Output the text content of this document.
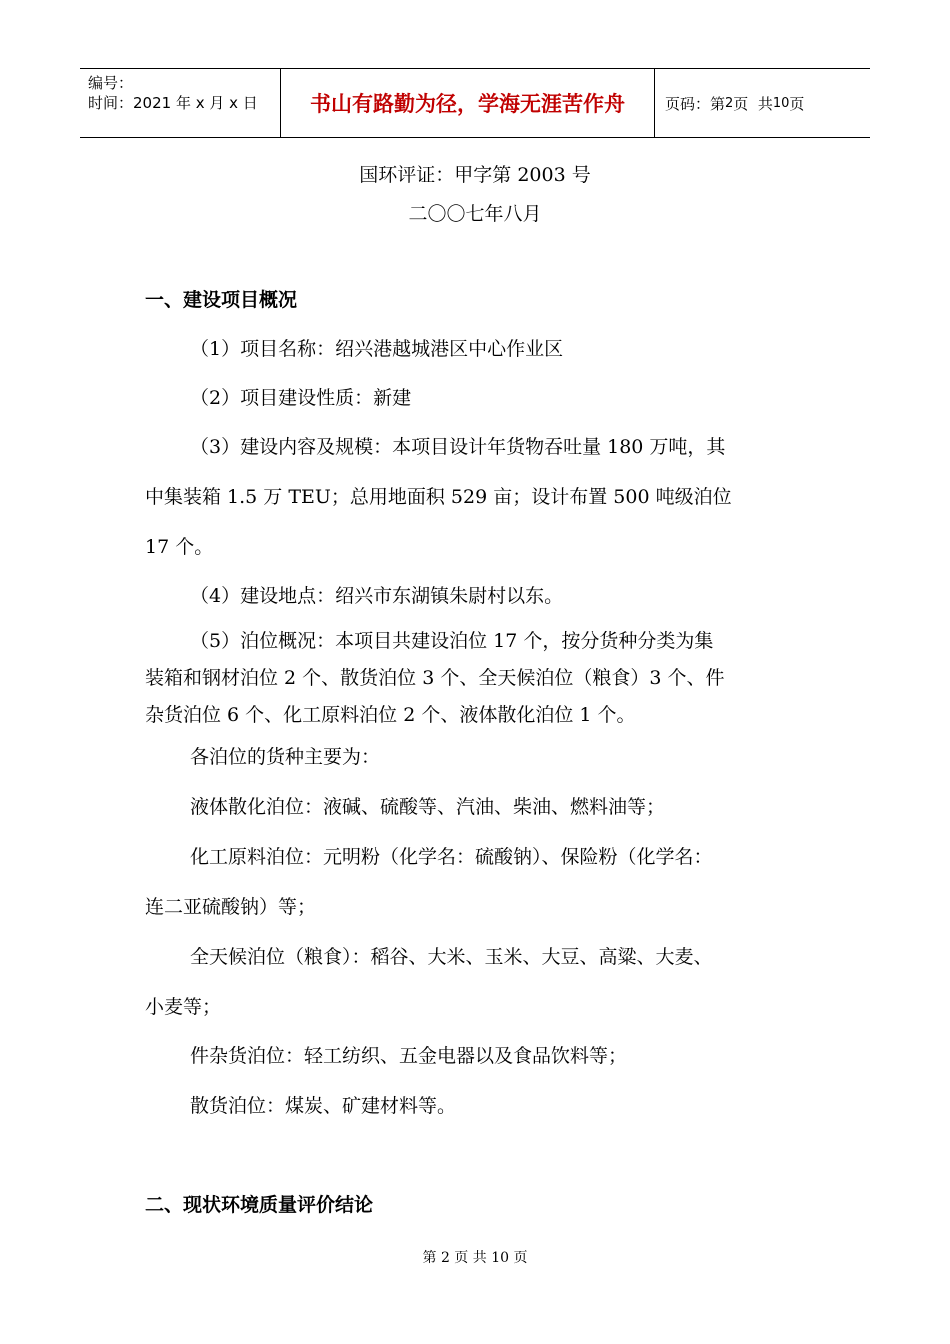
编号：
时间：2021 年 x 月 x 日	书山有路勤为径，学海无涯苦作舟	页码：第 2 页  共 10 页
国环评证：甲字第 2003 号
二〇〇七年八月
一、建设项目概况
（1）项目名称：绍兴港越城港区中心作业区
（2）项目建设性质：新建
（3）建设内容及规模：本项目设计年货物吞吐量 180 万吨，其
中集装箱 1.5 万 TEU；总用地面积 529 亩；设计布置 500 吨级泊位
17 个。
（4）建设地点：绍兴市东湖镇朱尉村以东。
（5）泊位概况：本项目共建设泊位 17 个，按分货种分类为集
装箱和钢材泊位 2 个、散货泊位 3 个、全天候泊位（粮食）3 个、件
杂货泊位 6 个、化工原料泊位 2 个、液体散化泊位 1 个。
各泊位的货种主要为：
液体散化泊位：液碱、硫酸等、汽油、柴油、燃料油等；
化工原料泊位：元明粉（化学名：硫酸钠）、保险粉（化学名：
连二亚硫酸钠）等；
全天候泊位（粮食）：稻谷、大米、玉米、大豆、高粱、大麦、
小麦等；
件杂货泊位：轻工纺织、五金电器以及食品饮料等；
散货泊位：煤炭、矿建材料等。
二、现状环境质量评价结论
第 2 页 共 10 页
